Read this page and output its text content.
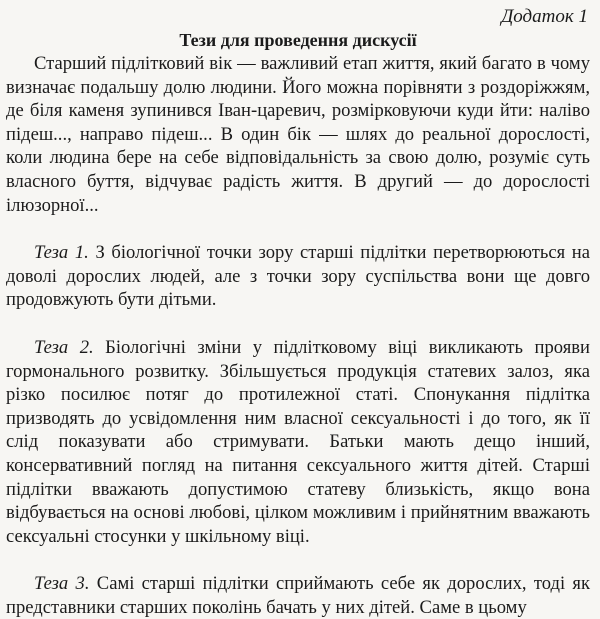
Додаток 1
Тези для проведення дискусії

Старший підлітковий вік — важливий етап життя, який багато в чому визначає подальшу долю людини. Його можна порівняти з роздоріжжям, де біля каменя зупинився Іван-царевич, розмірковуючи куди йти: наліво підеш..., направо підеш... В один бік — шлях до реальної дорослості, коли людина бере на себе відповідальність за свою долю, розуміє суть власного буття, відчуває радість життя. В другий — до дорослості ілюзорної...

Теза 1. З біологічної точки зору старші підлітки перетворюються на доволі дорослих людей, але з точки зору суспільства вони ще довго продовжують бути дітьми.

Теза 2. Біологічні зміни у підлітковому віці викликають прояви гормонального розвитку. Збільшується продукція статевих залоз, яка різко посилює потяг до протилежної статі. Спонукання підлітка призводять до усвідомлення ним власної сексуальності і до того, як її слід показувати або стримувати. Батьки мають дещо інший, консервативний погляд на питання сексуального життя дітей. Старші підлітки вважають допустимою статеву близькість, якщо вона відбувається на основі любові, цілком можливим і прийнятним вважають сексуальні стосунки у шкільному віці.

Теза 3. Самі старші підлітки сприймають себе як дорослих, тоді як представники старших поколінь бачать у них дітей. Саме в цьому
